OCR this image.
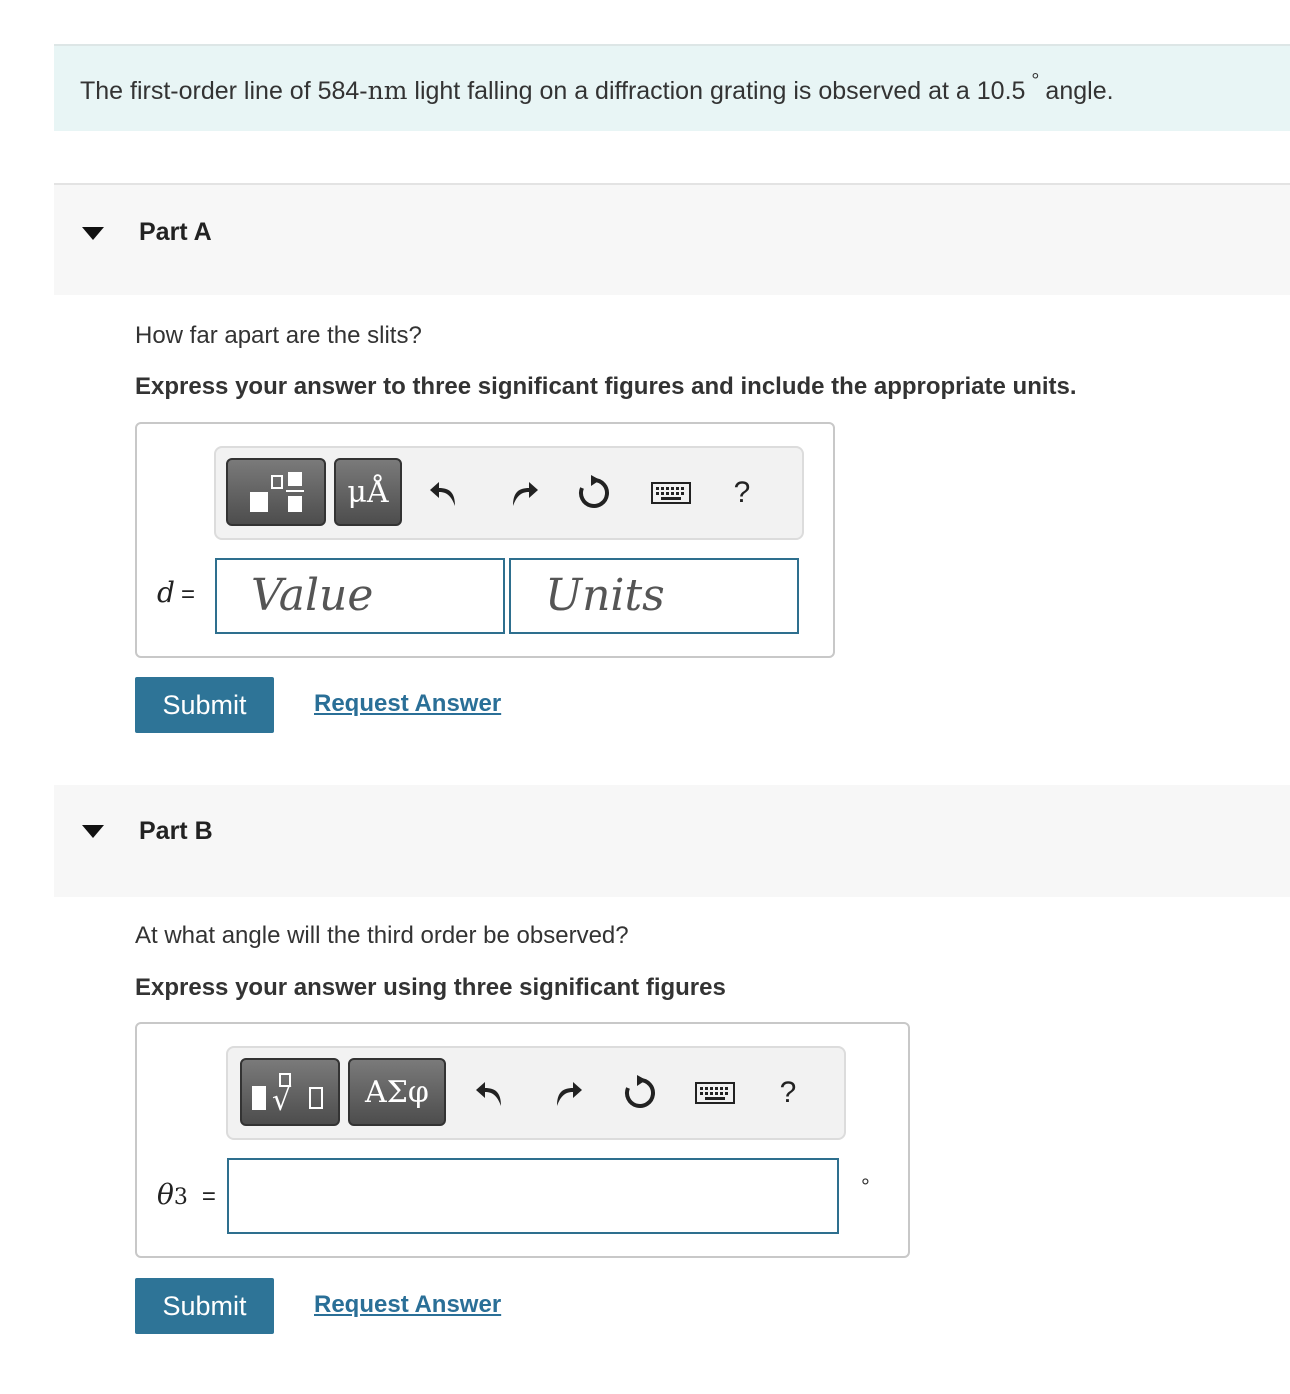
The first-order line of 584-nm light falling on a diffraction grating is observed at a 10.5 ° angle.
Part A
How far apart are the slits?
Express your answer to three significant figures and include the appropriate units.
μÅ	?
d =	Value	Units
Submit	Request Answer
Part B
At what angle will the third order be observed?
Express your answer using three significant figures
√	ΑΣφ	?
θ3 =	°
Submit	Request Answer
